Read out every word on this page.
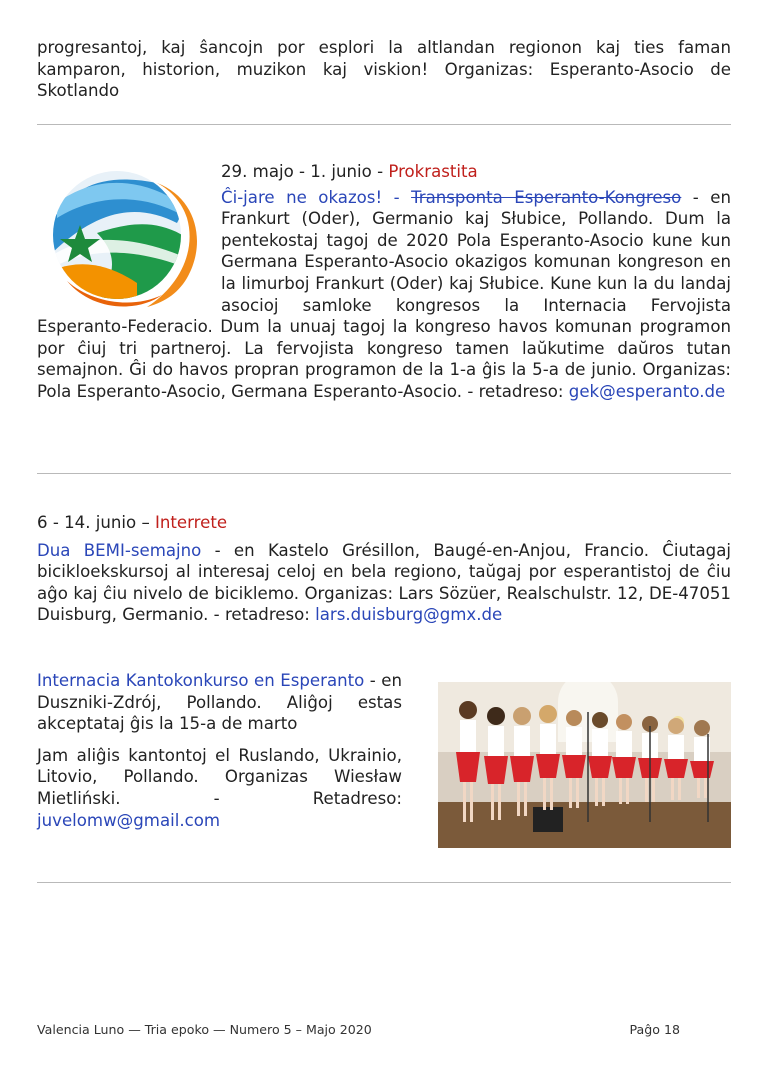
progresantoj, kaj ŝancojn por esplori la altlandan regionon kaj ties faman kamparon, historion, muzikon kaj viskion! Organizas: Esperanto-Asocio de Skotlando
29. majo - 1. junio - Prokrastita
Ĉi-jare ne okazos! - Transponta Esperanto-Kongreso - en Frankurt (Oder), Germanio kaj Słubice, Pollando. Dum la pentekostaj tagoj de 2020 Pola Esperanto-Asocio kune kun Germana Esperanto-Asocio okazigos komunan kongreson en la limurboj Frankurt (Oder) kaj Słubice. Kune kun la du landaj asocioj samloke kongresos la Internacia Fervojista Esperanto-Federacio. Dum la unuaj tagoj la kongreso havos komunan programon por ĉiuj tri partneroj. La fervojista kongreso tamen laŭkutime daŭros tutan semajnon. Ĝi do havos propran programon de la 1-a ĝis la 5-a de junio. Organizas: Pola Esperanto-Asocio, Germana Esperanto-Asocio. - retadreso: gek@esperanto.de
6 - 14. junio – Interrete
Dua BEMI-semajno - en Kastelo Grésillon, Baugé-en-Anjou, Francio. Ĉiutagaj bicikloekskursoj al interesaj celoj en bela regiono, taŭgaj por esperantistoj de ĉiu aĝo kaj ĉiu nivelo de biciklemo. Organizas: Lars Sözüer, Realschulstr. 12, DE-47051 Duisburg, Germanio. - retadreso: lars.duisburg@gmx.de

Internacia Kantokonkurso en Esperanto - en Duszniki-Zdrój, Pollando. Aliĝoj estas akceptataj ĝis la 15-a de marto

Jam aliĝis kantontoj el Ruslando, Ukrainio, Litovio, Pollando. Organizas Wiesław Mietliński. - Retadreso: juvelomw@gmail.com

Valencia Luno — Tria epoko — Numero 5 – Majo 2020	Paĝo 18
